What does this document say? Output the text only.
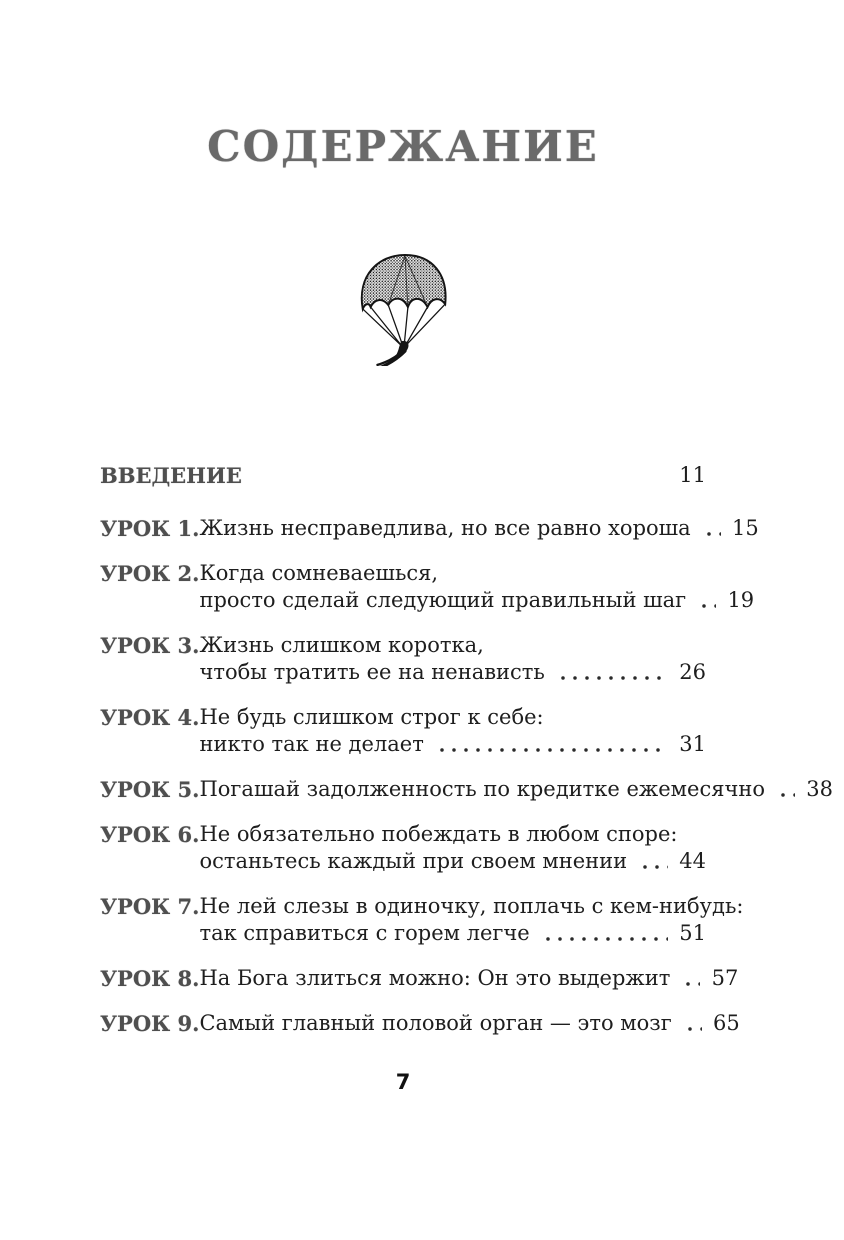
СОДЕРЖАНИЕ
ВВЕДЕНИЕ	11
УРОК 1. Жизнь несправедлива, но все равно хороша 15
УРОК 2. Когда сомневаешься,
просто сделай следующий правильный шаг 19
УРОК 3. Жизнь слишком коротка,
чтобы тратить ее на ненависть	26
УРОК 4. Не будь слишком строг к себе:
никто так не делает	31
УРОК 5. Погашай задолженность по кредитке ежемесячно 38
УРОК 6. Не обязательно побеждать в любом споре:
останьтесь каждый при своем мнении 44
УРОК 7. Не лей слезы в одиночку, поплачь с кем-нибудь:
так справиться с горем легче	51
УРОК 8. На Бога злиться можно: Он это выдержит 57
УРОК 9. Самый главный половой орган — это мозг 65
7
